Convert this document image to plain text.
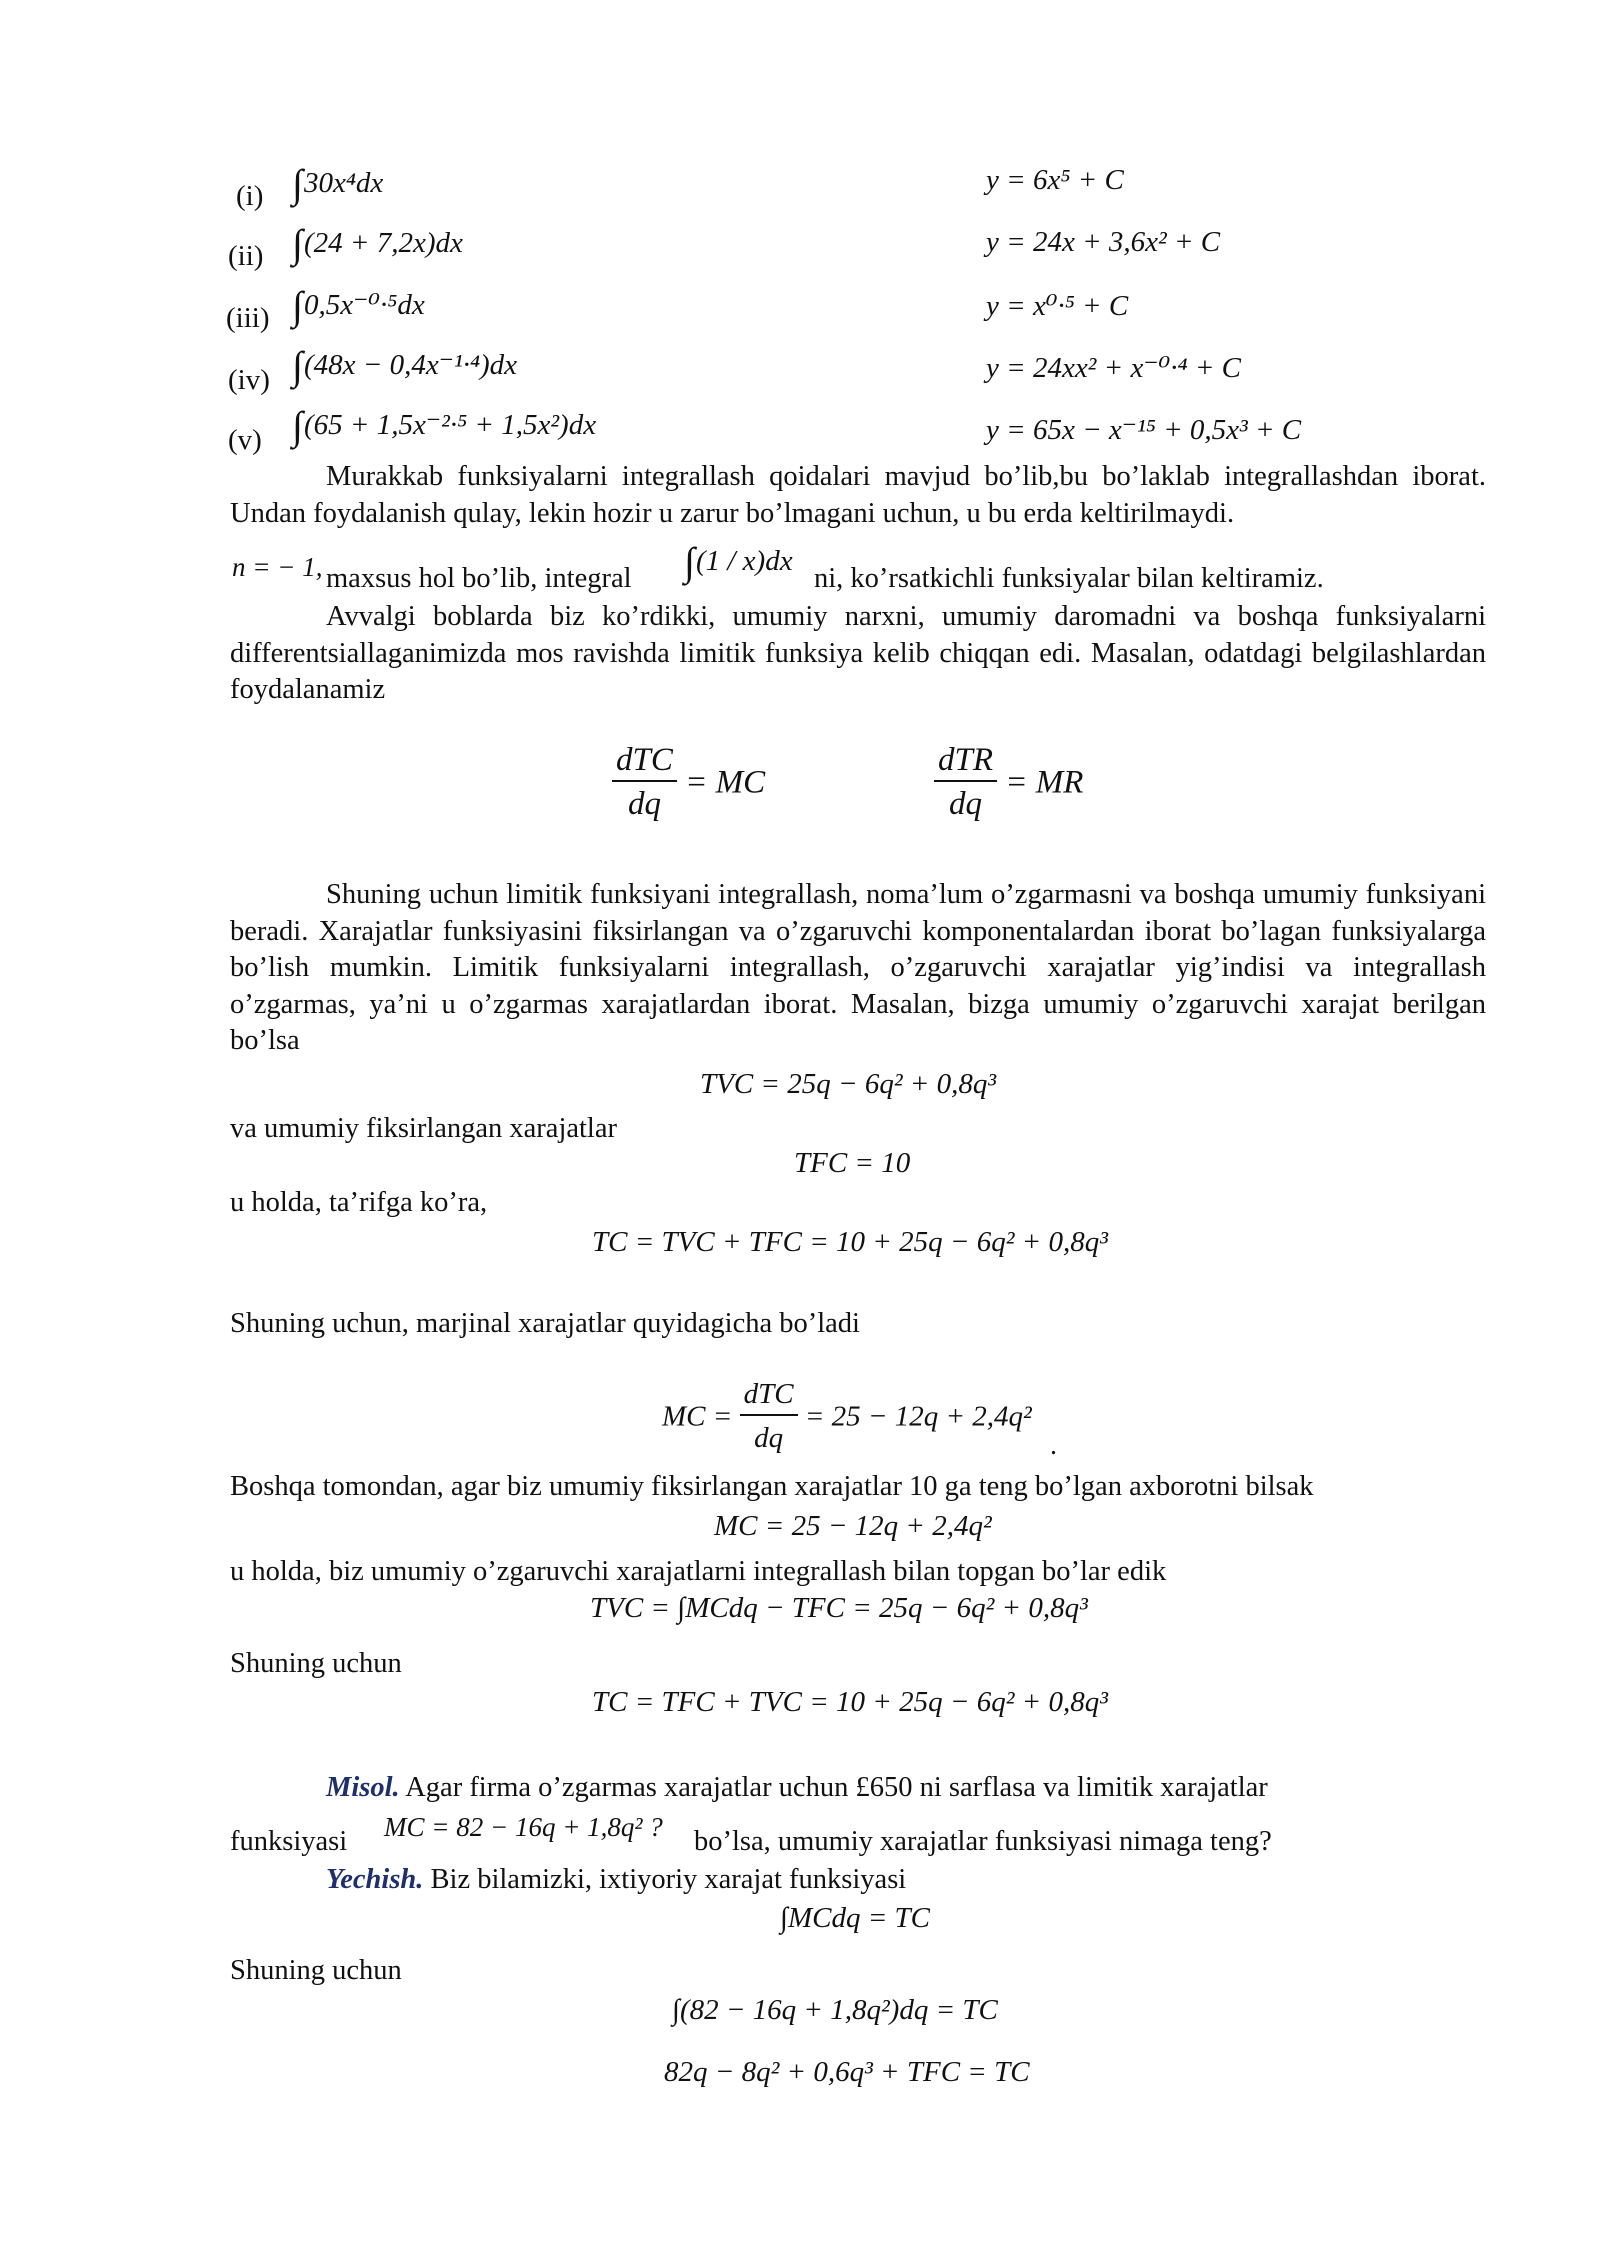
(i) ∫30x⁴dx	y = 6x⁵ + C
(ii) ∫(24 + 7,2x)dx	y = 24x + 3,6x² + C
(iii) ∫0,5x⁻⁰·⁵dx	y = x⁰·⁵ + C
(iv) ∫(48x − 0,4x⁻¹·⁴)dx	y = 24xx² + x⁻⁰·⁴ + C
(v) ∫(65 + 1,5x⁻²·⁵ + 1,5x²)dx	y = 65x − x⁻¹⁵ + 0,5x³ + C
Murakkab funksiyalarni integrallash qoidalari mavjud bo’lib,bu bo’laklab integrallashdan iborat. Undan foydalanish qulay, lekin hozir u zarur bo’lmagani uchun, u bu erda keltirilmaydi.
n = − 1, maxsus hol bo’lib, integral ∫(1 / x)dx
ni, ko’rsatkichli funksiyalar bilan keltiramiz.
Avvalgi boblarda biz ko’rdikki, umumiy narxni, umumiy daromadni va boshqa funksiyalarni differentsiallaganimizda mos ravishda limitik funksiya kelib chiqqan edi. Masalan, odatdagi belgilashlardan foydalanamiz
$\frac{\text{dTC}}{dq}$ = MC	$\frac{\text{dTR}}{dq}$ = MR
Shuning uchun limitik funksiyani integrallash, noma’lum o’zgarmasni va boshqa umumiy funksiyani beradi. Xarajatlar funksiyasini fiksirlangan va o’zgaruvchi komponentalardan iborat bo’lagan funksiyalarga bo’lish mumkin. Limitik funksiyalarni integrallash, o’zgaruvchi xarajatlar yig’indisi va integrallash o’zgarmas, ya’ni u o’zgarmas xarajatlardan iborat. Masalan, bizga umumiy o’zgaruvchi xarajat berilgan bo’lsa
TVC = 25q − 6q² + 0,8q³
va umumiy fiksirlangan xarajatlar
TFC = 10
u holda, ta’rifga ko’ra,
TC = TVC + TFC = 10 + 25q − 6q² + 0,8q³
Shuning uchun, marjinal xarajatlar quyidagicha bo’ladi
MC = $\frac{\text{dTC}}{dq} = 25 - 12q + 2,4q^2$
.
Boshqa tomondan, agar biz umumiy fiksirlangan xarajatlar 10 ga teng bo’lgan axborotni bilsak
MC = 25 − 12q + 2,4q²
u holda, biz umumiy o’zgaruvchi xarajatlarni integrallash bilan topgan bo’lar edik
TVC = ∫MCdq − TFC = 25q − 6q² + 0,8q³
Shuning uchun
TC = TFC + TVC = 10 + 25q − 6q² + 0,8q³
Misol. Agar firma o’zgarmas xarajatlar uchun £650 ni sarflasa va limitik xarajatlar
funksiyasi MC = 82 − 16q + 1,8q² ? bo’lsa, umumiy xarajatlar funksiyasi nimaga teng?
Yechish. Biz bilamizki, ixtiyoriy xarajat funksiyasi
∫MCdq = TC
Shuning uchun
∫(82 − 16q + 1,8q²)dq = TC
82q − 8q² + 0,6q³ + TFC = TC
